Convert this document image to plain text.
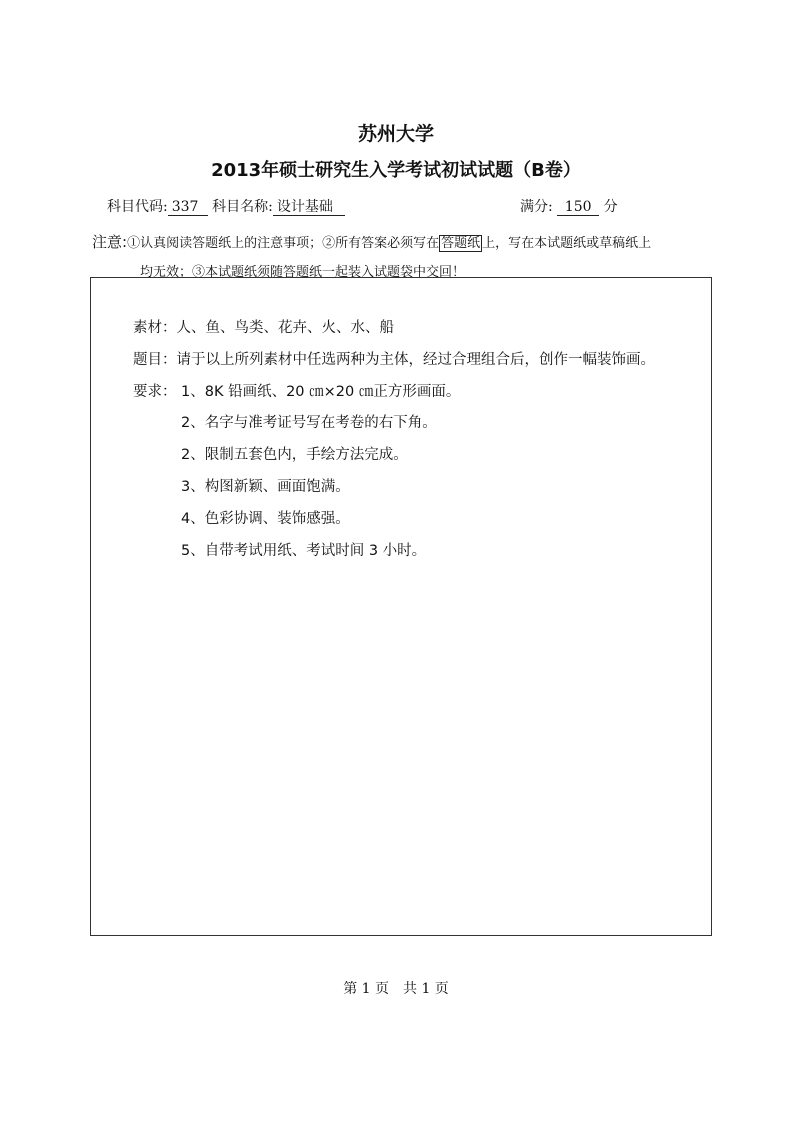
苏州大学
2013年硕士研究生入学考试初试试题（B卷）
科目代码: 337 科目名称: 设计基础	满分: 150 分
注意:①认真阅读答题纸上的注意事项；②所有答案必须写在 答题纸 上，写在本试题纸或草稿纸上
均无效；③本试题纸须随答题纸一起装入试题袋中交回！
素材：人、鱼、鸟类、花卉、火、水、船
题目：请于以上所列素材中任选两种为主体，经过合理组合后，创作一幅装饰画。
要求： 1、8K 铅画纸、20 ㎝×20 ㎝正方形画面。
2、名字与准考证号写在考卷的右下角。
2、限制五套色内，手绘方法完成。
3、构图新颖、画面饱满。
4、色彩协调、装饰感强。
5、自带考试用纸、考试时间 3 小时。
第 1 页　共 1 页
